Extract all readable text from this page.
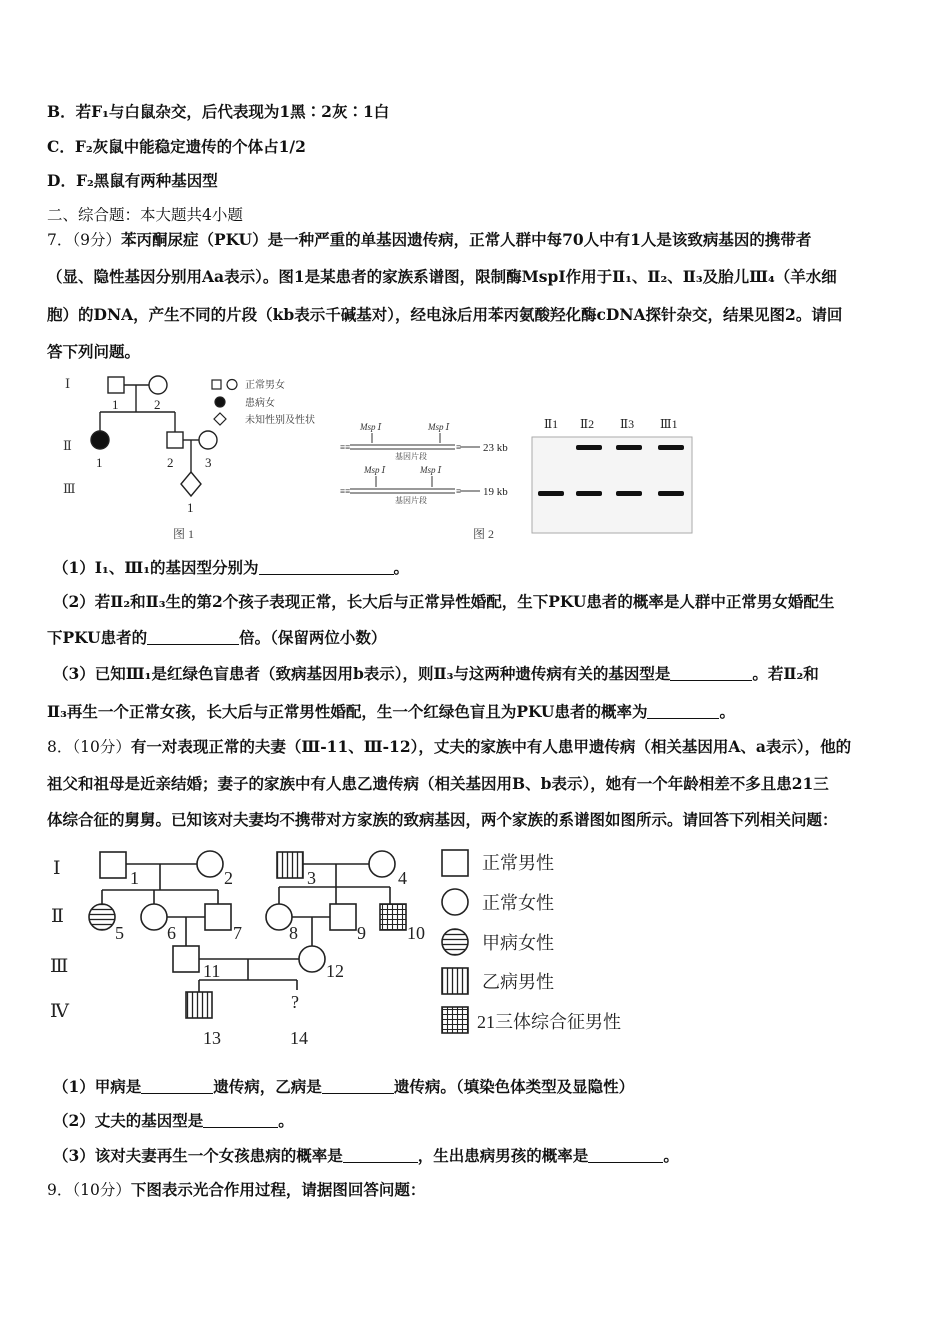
B．若F₁与白鼠杂交，后代表现为1黑∶2灰∶1白
C．F₂灰鼠中能稳定遗传的个体占1/2
D．F₂黑鼠有两种基因型
二、综合题：本大题共4小题
7．（9分）苯丙酮尿症（PKU）是一种严重的单基因遗传病，正常人群中每70人中有1人是该致病基因的携带者
（显、隐性基因分别用Aa表示）。图1是某患者的家族系谱图，限制酶MspI作用于Ⅱ₁、Ⅱ₂、Ⅱ₃及胎儿Ⅲ₄（羊水细
胞）的DNA，产生不同的片段（kb表示千碱基对），经电泳后用苯丙氨酸羟化酶cDNA探针杂交，结果见图2。请回
答下列问题。
Ⅰ
Ⅱ
Ⅲ
1	2
1	2 3
1
正常男女
患病女
未知性别及性状
图 1
Msp Ⅰ	Msp Ⅰ
Msp Ⅰ	Msp Ⅰ
≡≡
≡≡
≡
≡
基因片段
基因片段
23 kb
19 kb
Ⅱ1 Ⅱ2 Ⅱ3 Ⅲ1
图 2
（1）I₁、Ⅲ₁的基因型分别为	。
（2）若Ⅱ₂和Ⅱ₃生的第2个孩子表现正常，长大后与正常异性婚配，生下PKU患者的概率是人群中正常男女婚配生
下PKU患者的	倍。（保留两位小数）
（3）已知Ⅲ₁是红绿色盲患者（致病基因用b表示），则Ⅱ₃与这两种遗传病有关的基因型是	。若Ⅱ₂和
Ⅱ₃再生一个正常女孩，长大后与正常男性婚配，生一个红绿色盲且为PKU患者的概率为	。
8．（10分）有一对表现正常的夫妻（Ⅲ-11、Ⅲ-12），丈夫的家族中有人患甲遗传病（相关基因用A、a表示），他的
祖父和祖母是近亲结婚；妻子的家族中有人患乙遗传病（相关基因用B、b表示），她有一个年龄相差不多且患21三
体综合征的舅舅。已知该对夫妻均不携带对方家族的致病基因，两个家族的系谱图如图所示。请回答下列相关问题：
Ⅰ
Ⅱ
Ⅲ
Ⅳ
1	2	3	4
5 6	7	8	9 10
11	12
13	14
?
正常男性
正常女性
甲病女性
乙病男性
21三体综合征男性
（1）甲病是	遗传病，乙病是	遗传病。（填染色体类型及显隐性）
（2）丈夫的基因型是	。
（3）该对夫妻再生一个女孩患病的概率是	，生出患病男孩的概率是	。
9．（10分）下图表示光合作用过程，请据图回答问题：
